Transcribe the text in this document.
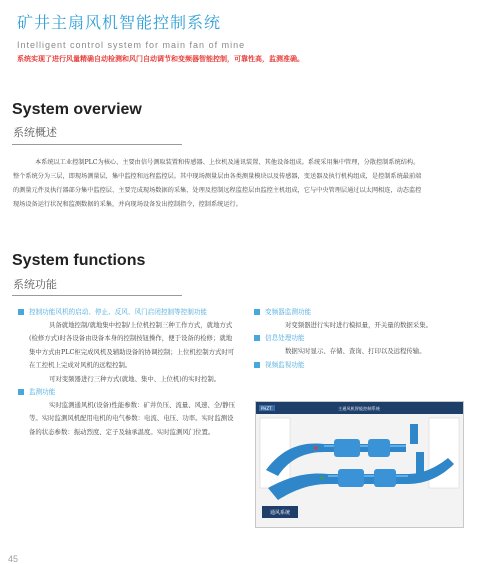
矿井主扇风机智能控制系统
Intelligent control system for main fan of mine
系统实现了进行风量精确自动检测和风门自动调节和变频器智能控制，可靠性高，监测准确。
System overview
系统概述

本系统以工业控制PLC为核心、主要由信号测取装置和传感器、上位机及通讯装置、其他设备组成。系统采用集中管理，分散控制系统结构。整个系统分为三层，即现场测量层，集中监控和远程监控层。其中现场测量层由各类测量模块以及传感器，变送器及执行机构组成，是控制系统最前端的测量元件及执行器部分集中监控层、主要完成现场数据的采集、处理及控制远程监控层由监控主机组成，它与中央管理层通过以太网相连，动态监控现场设备运行状况和监测数据的采集，并向现场设备发出控制指令，控制系统运行。

System functions
系统功能

控制功能风机的启动、停止、反风、风门启闭控制等控制功能

具备就地控制/就地集中控制/上位机控制三种工作方式，就地方式(检修方式)时各设备由设备本身的控制按钮操作，便于设备的检修；就地集中方式由PLC柜完成风机及辅助设备的协调控制；上位机控制方式时可在工控机上完成对风机的远程控制。

可对变频器进行三种方式(就地、集中、上位机)的实时控制。

监测功能

实时监测通风机(设备)性能参数：矿井负压、流量、风速、全/静压等。实时监测风机配用电机的电气参数：电流、电压、功率。实时监测设备的状态参数：振动烈度、定子及轴承温度。实时监测风门位置。

变频器监测功能

对变频器进行实时进行模拟量，开关量的数据采集。

信息处理功能

数据实时显示、存储、查询、打印以及远程传输。

视频监视功能

PHZT	主通风机智能控制系统
通风系统
45
